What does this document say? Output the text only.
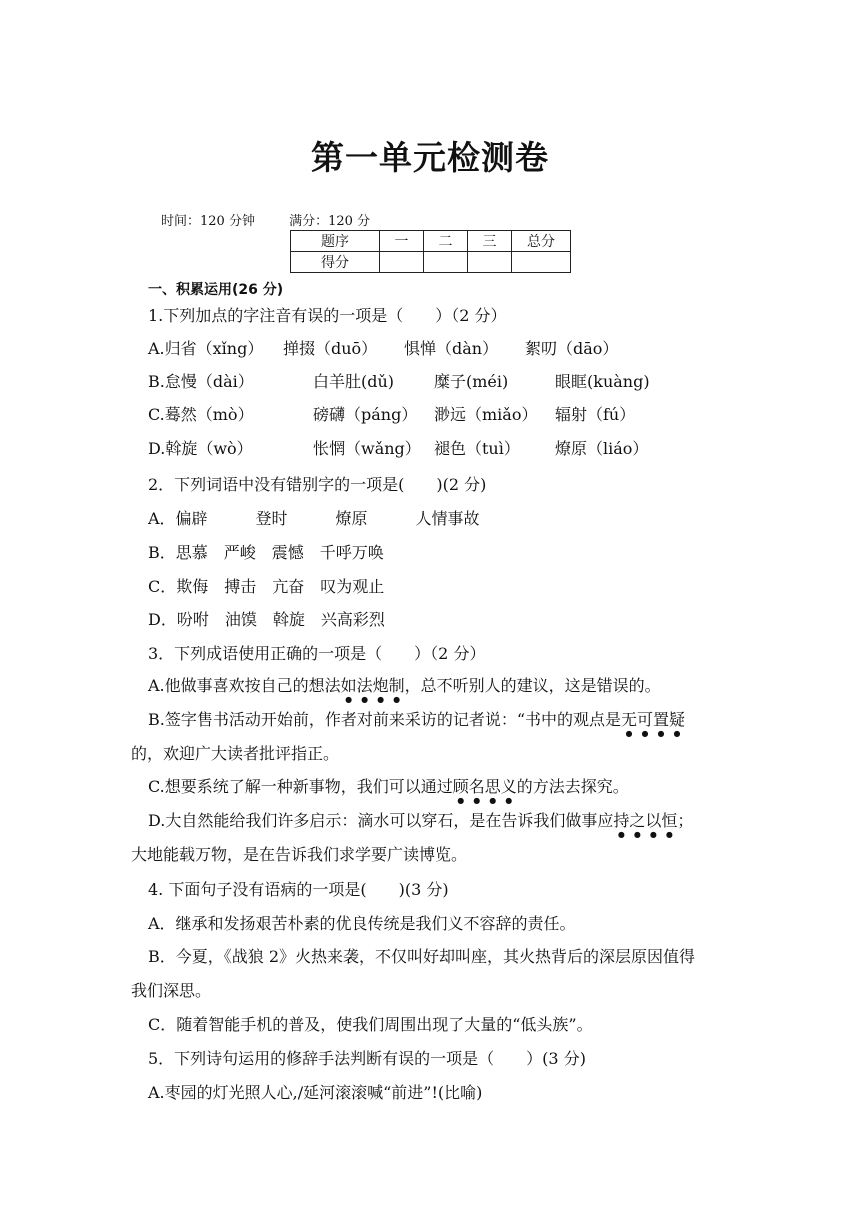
第一单元检测卷
时间：120 分钟	满分：120 分
题序	一	二	三	总分
得分				
一、积累运用(26 分)
1.下列加点的字注音有误的一项是（　　）（2 分）
A.归省（xǐng） 掸掇（duō） 惧惮（dàn） 絮叨（dāo）
B.怠慢（dài）	白羊肚(dǔ) 糜子(méi)	眼眶(kuàng)
C.蓦然（mò）	磅礴（páng） 渺远（miǎo） 辐射（fú）
D.斡旋（wò）	怅惘（wǎng） 褪色（tuì） 燎原（liáo）
2．下列词语中没有错别字的一项是(　　)(2 分)
A．偏辟　　　登时　　　燎原　　　人情事故
B．思慕　严峻　震憾　千呼万唤
C．欺侮　搏击　亢奋　叹为观止
D．吩咐　油馍　斡旋　兴高彩烈
3．下列成语使用正确的一项是（　　）（2 分）
A.他做事喜欢按自己的想法如法炮制，总不听别人的建议，这是错误的。
B.签字售书活动开始前，作者对前来采访的记者说：“书中的观点是无可置疑
的，欢迎广大读者批评指正。
C.想要系统了解一种新事物，我们可以通过顾名思义的方法去探究。
D.大自然能给我们许多启示：滴水可以穿石，是在告诉我们做事应持之以恒；
大地能载万物，是在告诉我们求学要广读博览。
4. 下面句子没有语病的一项是(　　)(3 分)
A．继承和发扬艰苦朴素的优良传统是我们义不容辞的责任。
B．今夏，《战狼 2》火热来袭，不仅叫好却叫座，其火热背后的深层原因值得
我们深思。
C．随着智能手机的普及，使我们周围出现了大量的“低头族”。
5．下列诗句运用的修辞手法判断有误的一项是（　　）(3 分)
A.枣园的灯光照人心,/延河滚滚喊“前进”!(比喻)
